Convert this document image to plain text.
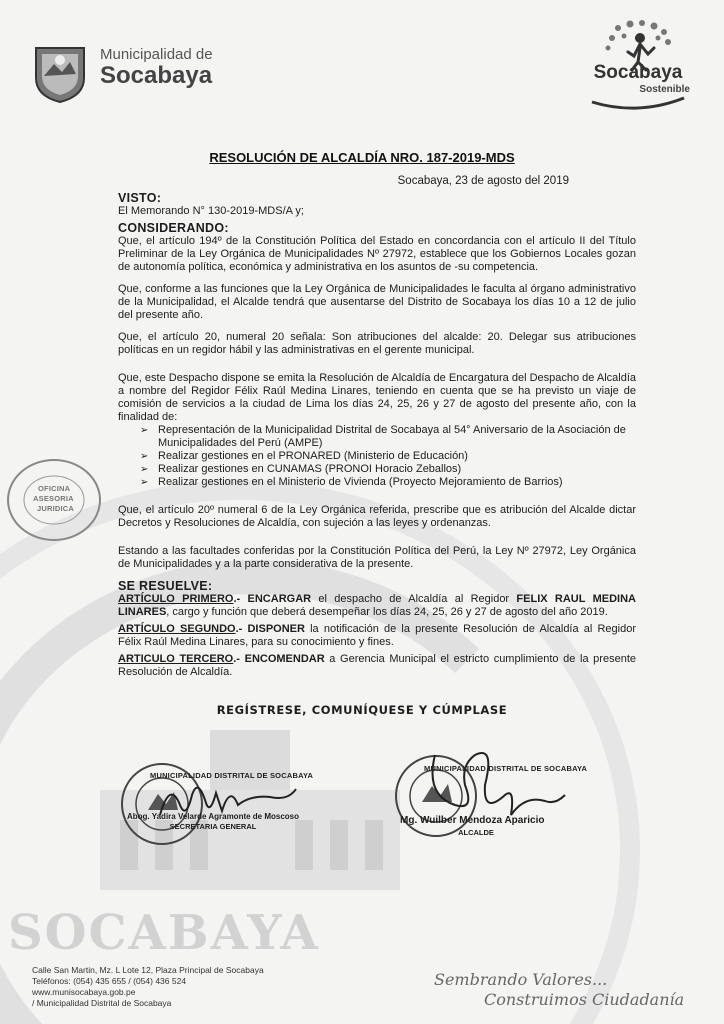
SOCABAYA
Municipalidad de
Socabaya	Socabaya
Sostenible
RESOLUCIÓN DE ALCALDÍA NRO. 187-2019-MDS
Socabaya, 23 de agosto del 2019
VISTO:

El Memorando N° 130-2019-MDS/A y;

CONSIDERANDO:

Que, el artículo 194º de la Constitución Política del Estado en concordancia con el artículo II del Título Preliminar de la Ley Orgánica de Municipalidades Nº 27972, establece que los Gobiernos Locales gozan de autonomía política, económica y administrativa en los asuntos de -su competencia.

Que, conforme a las funciones que la Ley Orgánica de Municipalidades le faculta al órgano administrativo de la Municipalidad, el Alcalde tendrá que ausentarse del Distrito de Socabaya los días 10 a 12 de julio del presente año.

Que, el artículo 20, numeral 20 señala: Son atribuciones del alcalde: 20. Delegar sus atribuciones políticas en un regidor hábil y las administrativas en el gerente municipal.

Que, este Despacho dispone se emita la Resolución de Alcaldía de Encargatura del Despacho de Alcaldía a nombre del Regidor Félix Raúl Medina Linares, teniendo en cuenta que se ha previsto un viaje de comisión de servicios a la ciudad de Lima los días 24, 25, 26 y 27 de agosto del presente año, con la finalidad de:

➢ Representación de la Municipalidad Distrital de Socabaya al 54° Aniversario de la Asociación de Municipalidades del Perú (AMPE)
➢ Realizar gestiones en el PRONARED (Ministerio de Educación)
➢ Realizar gestiones en CUNAMAS (PRONOI Horacio Zeballos)
➢ Realizar gestiones en el Ministerio de Vivienda (Proyecto Mejoramiento de Barrios)

Que, el artículo 20º numeral 6 de la Ley Orgánica referida, prescribe que es atribución del Alcalde dictar Decretos y Resoluciones de Alcaldía, con sujeción a las leyes y ordenanzas.

Estando a las facultades conferidas por la Constitución Política del Perú, la Ley Nº 27972, Ley Orgánica de Municipalidades y a la parte considerativa de la presente.

SE RESUELVE:

ARTÍCULO PRIMERO.- ENCARGAR el despacho de Alcaldía al Regidor FELIX RAUL MEDINA LINARES, cargo y función que deberá desempeñar los días 24, 25, 26 y 27 de agosto del año 2019.

ARTÍCULO SEGUNDO.- DISPONER la notificación de la presente Resolución de Alcaldía al Regidor Félix Raúl Medina Linares, para su conocimiento y fines.

ARTICULO TERCERO.- ENCOMENDAR a Gerencia Municipal el estricto cumplimiento de la presente Resolución de Alcaldía.

REGÍSTRESE, COMUNÍQUESE Y CÚMPLASE
OFICINA
ASESORIA
JURIDICA
MUNICIPALIDAD DISTRITAL DE SOCABAYA
Abog. Yadira Velarde Agramonte de Moscoso
SECRETARIA GENERAL
MUNICIPALIDAD DISTRITAL DE SOCABAYA
Mg. Wuilber Mendoza Aparicio
ALCALDE
Calle San Martin, Mz. L Lote 12, Plaza Principal de Socabaya
Teléfonos: (054) 435 655 / (054) 436 524
www.munisocabaya.gob.pe
/ Municipalidad Distrital de Socabaya
Sembrando Valores...
Construimos Ciudadanía
